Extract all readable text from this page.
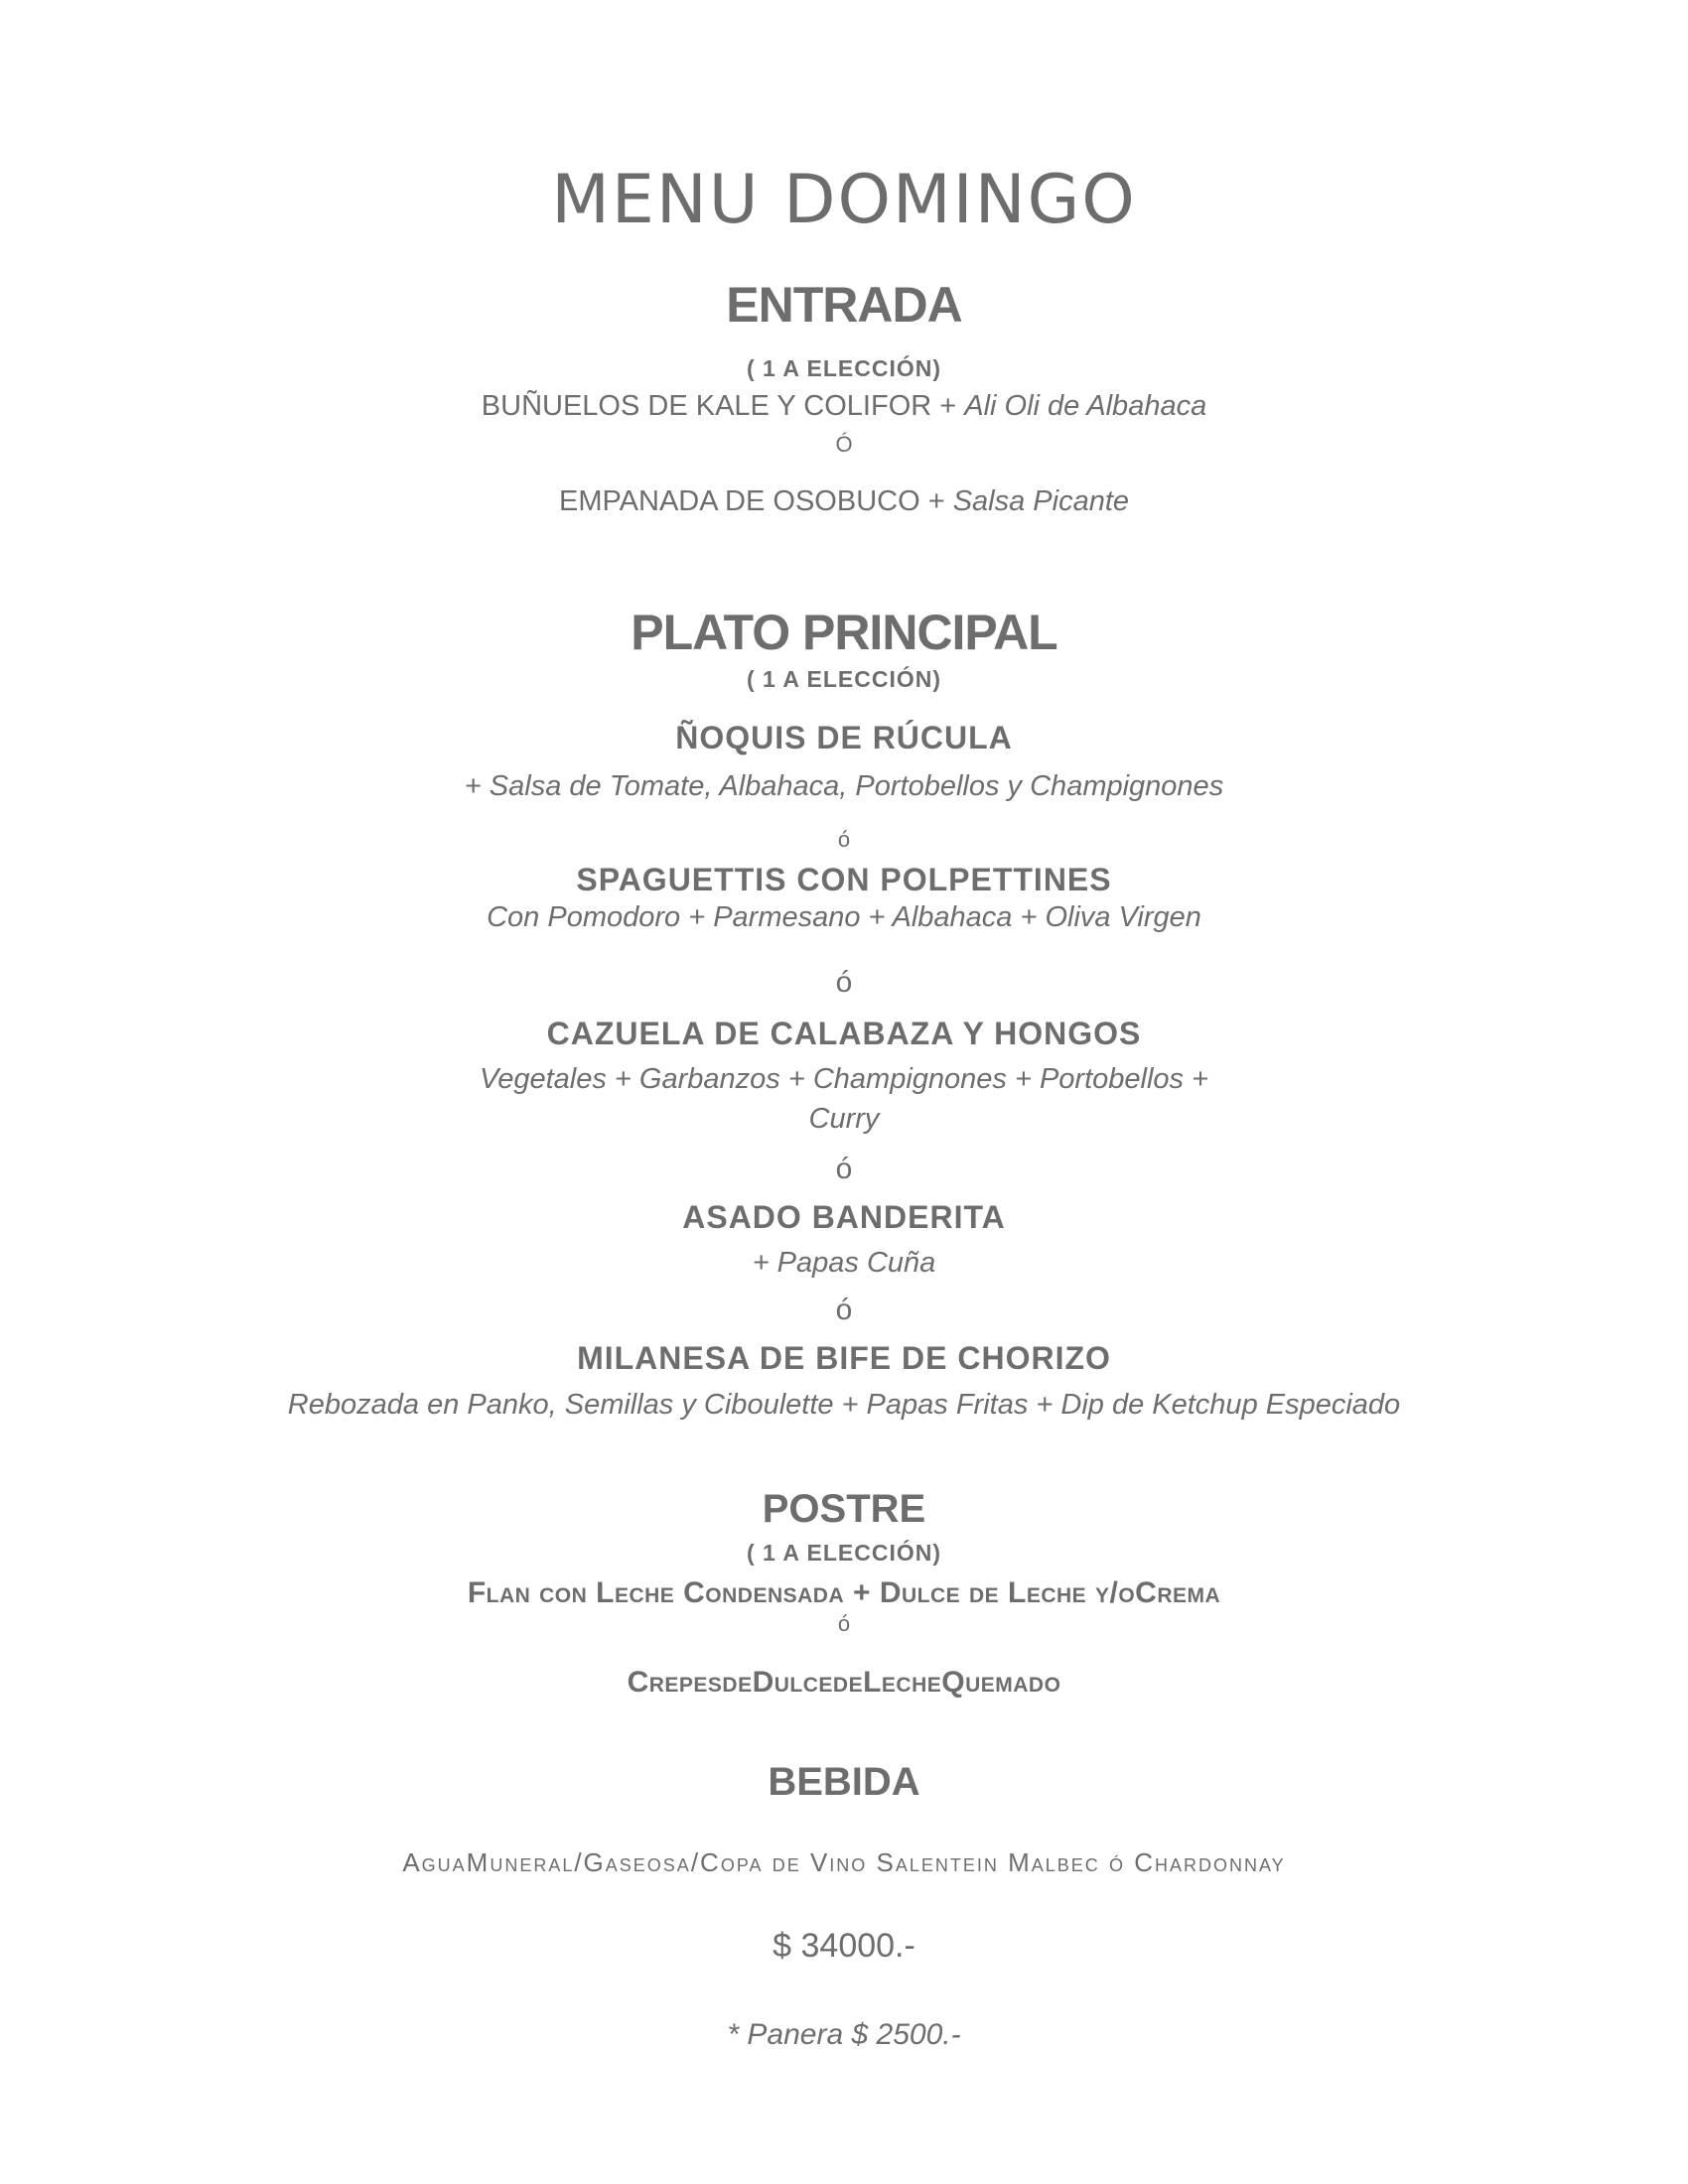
MENU DOMINGO
ENTRADA
( 1 A ELECCIÓN)
BUÑUELOS DE KALE Y COLIFOR + Ali Oli de Albahaca
Ó
EMPANADA DE OSOBUCO + Salsa Picante
PLATO PRINCIPAL
( 1 A ELECCIÓN)
ÑOQUIS DE RÚCULA
+ Salsa de Tomate, Albahaca, Portobellos y Champignones
ó
SPAGUETTIS CON POLPETTINES
Con Pomodoro + Parmesano + Albahaca + Oliva Virgen
ó
CAZUELA DE CALABAZA Y HONGOS
Vegetales + Garbanzos + Champignones + Portobellos +
Curry
ó
ASADO BANDERITA
+ Papas Cuña
ó
MILANESA DE BIFE DE CHORIZO
Rebozada en Panko, Semillas y Ciboulette + Papas Fritas + Dip de Ketchup Especiado
POSTRE
( 1 A ELECCIÓN)
Flan con Leche Condensada + Dulce de Leche y/oCrema
ó
CrepesdeDulcedeLecheQuemado
BEBIDA
AguaMuneral/Gaseosa/Copa de Vino Salentein Malbec ó Chardonnay
$ 34000.-
* Panera $ 2500.-
